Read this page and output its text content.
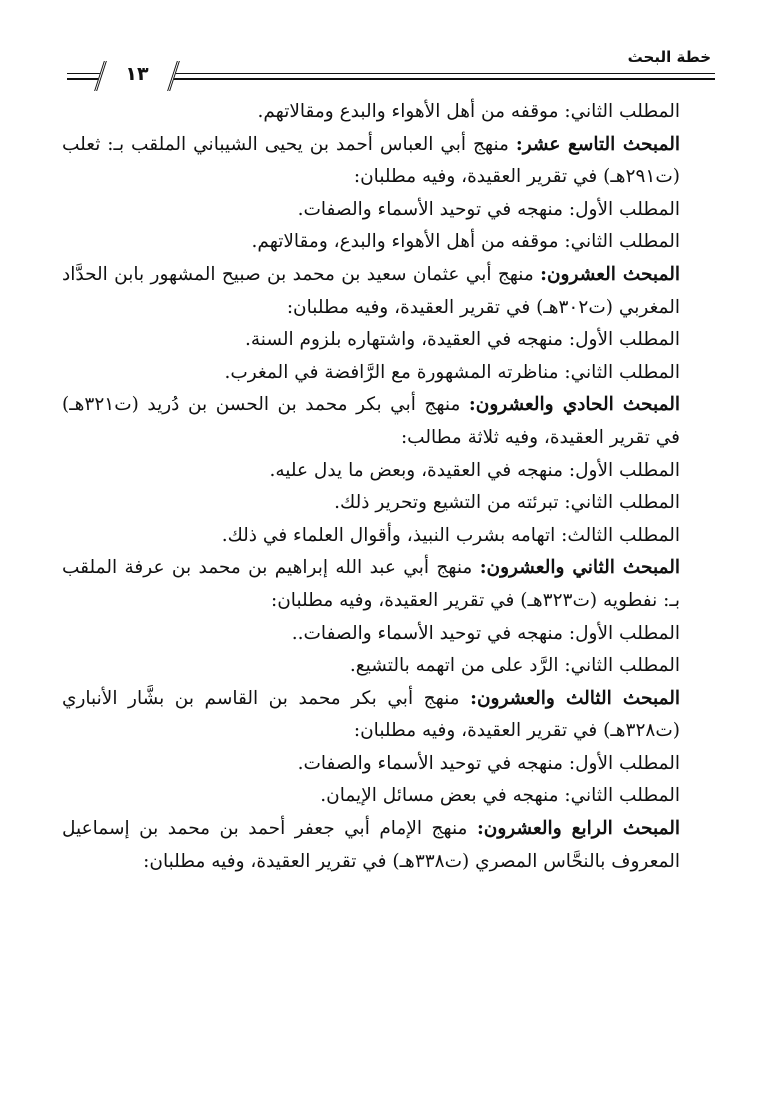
خطة البحث
١٣

المطلب الثاني: موقفه من أهل الأهواء والبدع ومقالاتهم.

المبحث التاسع عشر: منهج أبي العباس أحمد بن يحيى الشيباني الملقب بـ: ثعلب (ت٢٩١هـ) في تقرير العقيدة، وفيه مطلبان:

المطلب الأول: منهجه في توحيد الأسماء والصفات.

المطلب الثاني: موقفه من أهل الأهواء والبدع، ومقالاتهم.

المبحث العشرون: منهج أبي عثمان سعيد بن محمد بن صبيح المشهور بابن الحدَّاد المغربي (ت٣٠٢هـ) في تقرير العقيدة، وفيه مطلبان:

المطلب الأول: منهجه في العقيدة، واشتهاره بلزوم السنة.

المطلب الثاني: مناظرته المشهورة مع الرَّافضة في المغرب.

المبحث الحادي والعشرون: منهج أبي بكر محمد بن الحسن بن دُريد (ت٣٢١هـ) في تقرير العقيدة، وفيه ثلاثة مطالب:

المطلب الأول: منهجه في العقيدة، وبعض ما يدل عليه.

المطلب الثاني: تبرئته من التشيع وتحرير ذلك.

المطلب الثالث: اتهامه بشرب النبيذ، وأقوال العلماء في ذلك.

المبحث الثاني والعشرون: منهج أبي عبد الله إبراهيم بن محمد بن عرفة الملقب بـ: نفطويه (ت٣٢٣هـ) في تقرير العقيدة، وفيه مطلبان:

المطلب الأول: منهجه في توحيد الأسماء والصفات..

المطلب الثاني: الرَّد على من اتهمه بالتشيع.

المبحث الثالث والعشرون: منهج أبي بكر محمد بن القاسم بن بشَّار الأنباري (ت٣٢٨هـ) في تقرير العقيدة، وفيه مطلبان:

المطلب الأول: منهجه في توحيد الأسماء والصفات.

المطلب الثاني: منهجه في بعض مسائل الإيمان.

المبحث الرابع والعشرون: منهج الإمام أبي جعفر أحمد بن محمد بن إسماعيل المعروف بالنحَّاس المصري (ت٣٣٨هـ) في تقرير العقيدة، وفيه مطلبان:
